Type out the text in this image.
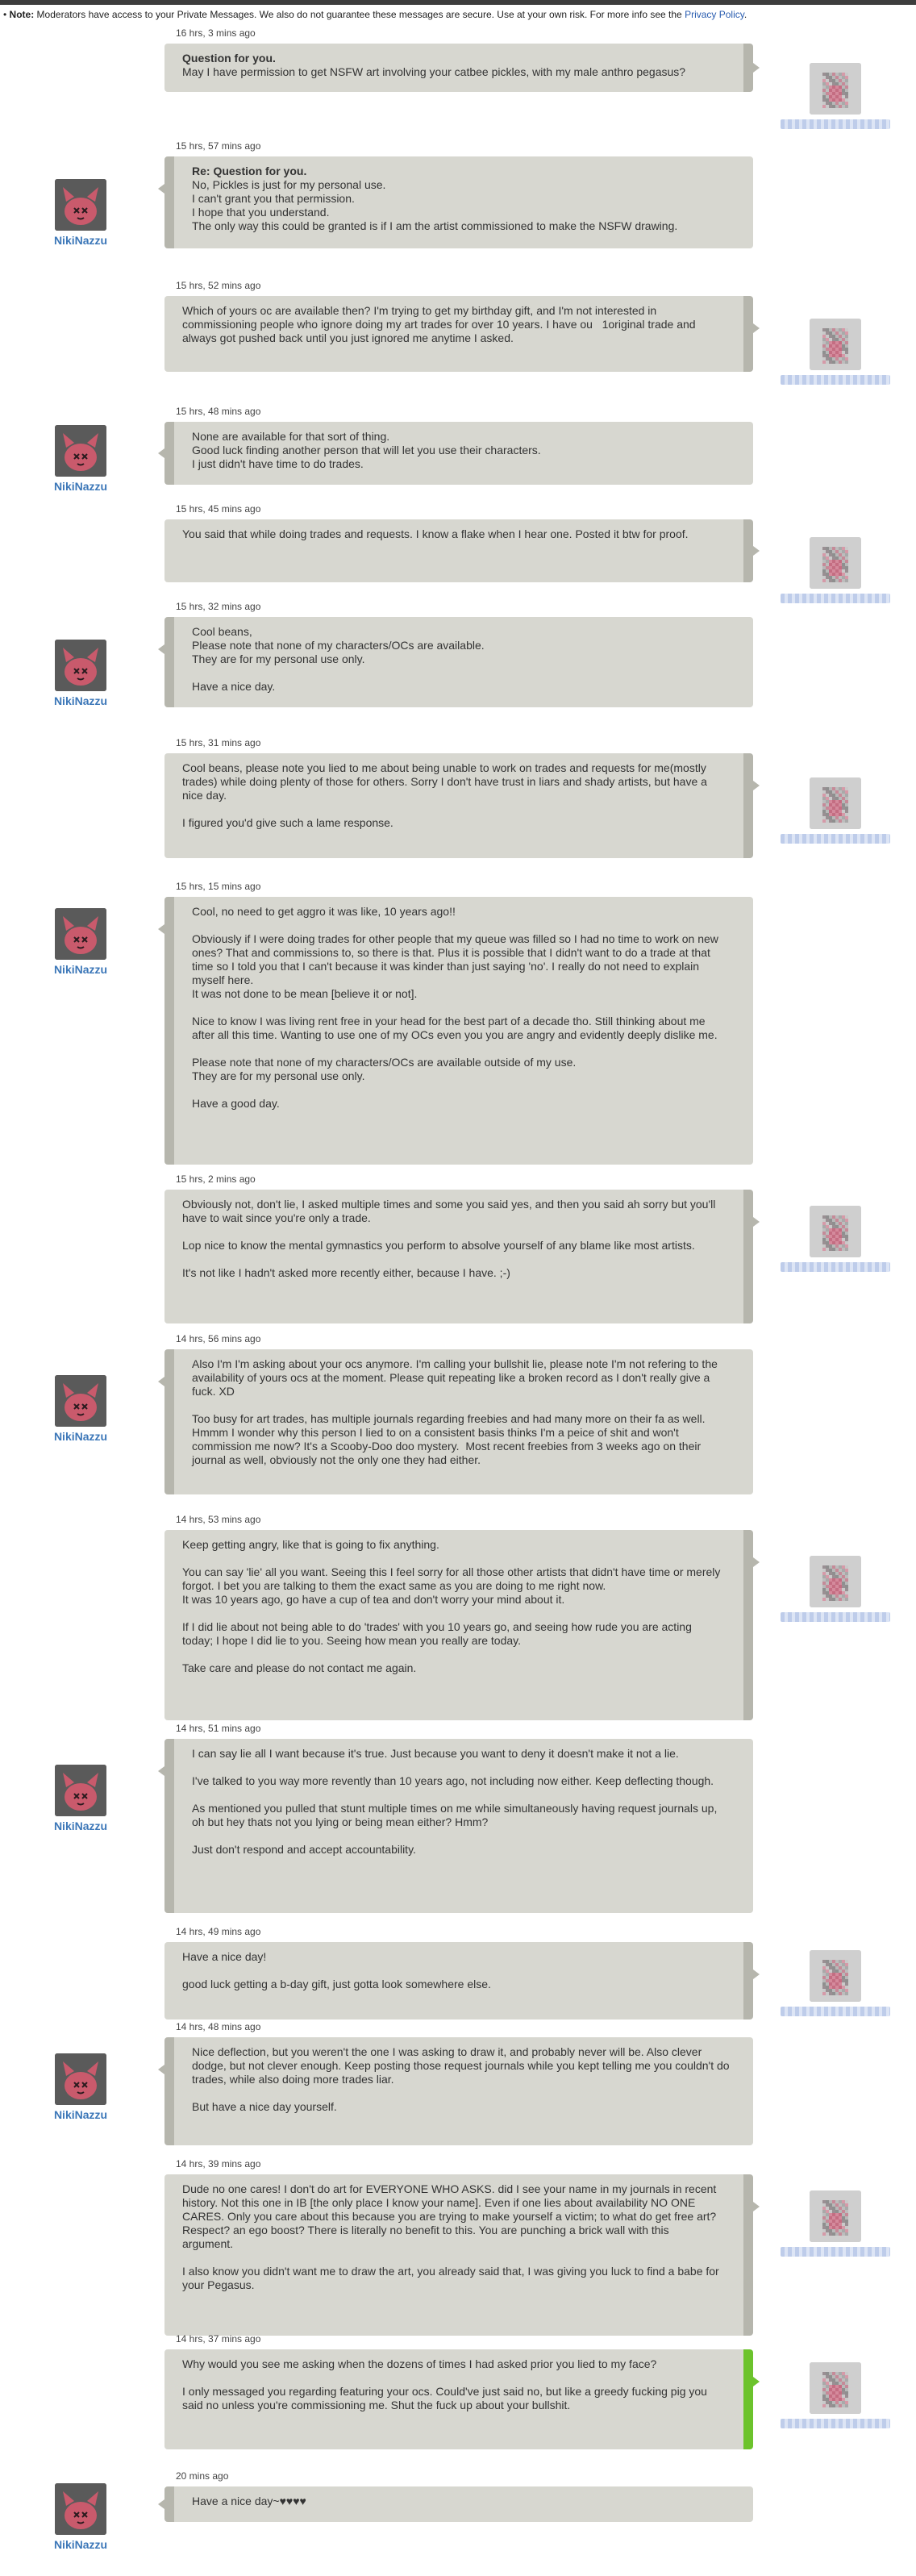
• Note: Moderators have access to your Private Messages. We also do not guarantee these messages are secure. Use at your own risk. For more info see the Privacy Policy.
16 hrs, 3 mins ago
Question for you.
May I have permission to get NSFW art involving your catbee pickles, with my male anthro pegasus?
15 hrs, 57 mins ago
Re: Question for you.
No, Pickles is just for my personal use.
I can't grant you that permission.
I hope that you understand.
The only way this could be granted is if I am the artist commissioned to make the NSFW drawing.
NikiNazzu
15 hrs, 52 mins ago
Which of yours oc are available then? I'm trying to get my birthday gift, and I'm not interested in commissioning people who ignore doing my art trades for over 10 years. I have ou   1original trade and always got pushed back until you just ignored me anytime I asked.
15 hrs, 48 mins ago
None are available for that sort of thing.
Good luck finding another person that will let you use their characters.
I just didn't have time to do trades.
NikiNazzu
15 hrs, 45 mins ago
You said that while doing trades and requests. I know a flake when I hear one. Posted it btw for proof.
15 hrs, 32 mins ago
Cool beans,
Please note that none of my characters/OCs are available.
They are for my personal use only.
Have a nice day.
NikiNazzu
15 hrs, 31 mins ago
Cool beans, please note you lied to me about being unable to work on trades and requests for me(mostly trades) while doing plenty of those for others. Sorry I don't have trust in liars and shady artists, but have a nice day.
I figured you'd give such a lame response.
15 hrs, 15 mins ago
Cool, no need to get aggro it was like, 10 years ago!!
Obviously if I were doing trades for other people that my queue was filled so I had no time to work on new ones? That and commissions to, so there is that. Plus it is possible that I didn't want to do a trade at that time so I told you that I can't because it was kinder than just saying 'no'. I really do not need to explain myself here.
It was not done to be mean [believe it or not].
Nice to know I was living rent free in your head for the best part of a decade tho. Still thinking about me after all this time. Wanting to use one of my OCs even you you are angry and evidently deeply dislike me.
Please note that none of my characters/OCs are available outside of my use.
They are for my personal use only.
Have a good day.
NikiNazzu
15 hrs, 2 mins ago
Obviously not, don't lie, I asked multiple times and some you said yes, and then you said ah sorry but you'll have to wait since you're only a trade.
Lop nice to know the mental gymnastics you perform to absolve yourself of any blame like most artists.
It's not like I hadn't asked more recently either, because I have. ;-)
14 hrs, 56 mins ago
Also I'm I'm asking about your ocs anymore. I'm calling your bullshit lie, please note I'm not refering to the availability of yours ocs at the moment. Please quit repeating like a broken record as I don't really give a fuck. XD
Too busy for art trades, has multiple journals regarding freebies and had many more on their fa as well. Hmmm I wonder why this person I lied to on a consistent basis thinks I'm a peice of shit and won't commission me now? It's a Scooby-Doo doo mystery.  Most recent freebies from 3 weeks ago on their journal as well, obviously not the only one they had either.
NikiNazzu
14 hrs, 53 mins ago
Keep getting angry, like that is going to fix anything.
You can say 'lie' all you want. Seeing this I feel sorry for all those other artists that didn't have time or merely forgot. I bet you are talking to them the exact same as you are doing to me right now.
It was 10 years ago, go have a cup of tea and don't worry your mind about it.
If I did lie about not being able to do 'trades' with you 10 years go, and seeing how rude you are acting today; I hope I did lie to you. Seeing how mean you really are today.
Take care and please do not contact me again.
14 hrs, 51 mins ago
I can say lie all I want because it's true. Just because you want to deny it doesn't make it not a lie.
I've talked to you way more revently than 10 years ago, not including now either. Keep deflecting though.
As mentioned you pulled that stunt multiple times on me while simultaneously having request journals up, oh but hey thats not you lying or being mean either? Hmm?
Just don't respond and accept accountability.
NikiNazzu
14 hrs, 49 mins ago
Have a nice day!
good luck getting a b-day gift, just gotta look somewhere else.
14 hrs, 48 mins ago
Nice deflection, but you weren't the one I was asking to draw it, and probably never will be. Also clever dodge, but not clever enough. Keep posting those request journals while you kept telling me you couldn't do trades, while also doing more trades liar.
But have a nice day yourself.
NikiNazzu
14 hrs, 39 mins ago
Dude no one cares! I don't do art for EVERYONE WHO ASKS. did I see your name in my journals in recent history. Not this one in IB [the only place I know your name]. Even if one lies about availability NO ONE CARES. Only you care about this because you are trying to make yourself a victim; to what do get free art? Respect? an ego boost? There is literally no benefit to this. You are punching a brick wall with this argument.
I also know you didn't want me to draw the art, you already said that, I was giving you luck to find a babe for your Pegasus.
14 hrs, 37 mins ago
Why would you see me asking when the dozens of times I had asked prior you lied to my face?
I only messaged you regarding featuring your ocs. Could've just said no, but like a greedy fucking pig you said no unless you're commissioning me. Shut the fuck up about your bullshit.
20 mins ago
Have a nice day~♥♥♥♥
NikiNazzu
